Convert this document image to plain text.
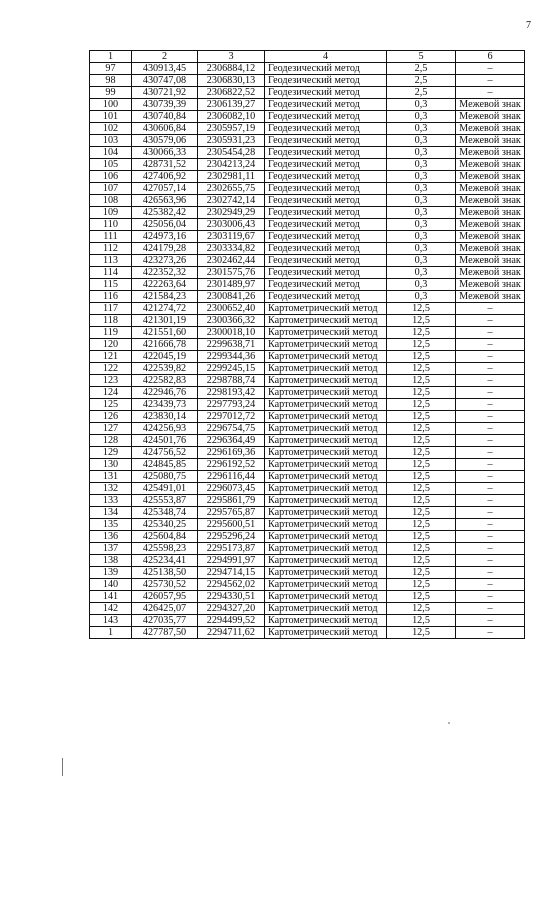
7
1	2	3	4	5	6
97	430913,45	2306884,12	Геодезический метод	2,5	–
98	430747,08	2306830,13	Геодезический метод	2,5	–
99	430721,92	2306822,52	Геодезический метод	2,5	–
100	430739,39	2306139,27	Геодезический метод	0,3	Межевой знак
101	430740,84	2306082,10	Геодезический метод	0,3	Межевой знак
102	430606,84	2305957,19	Геодезический метод	0,3	Межевой знак
103	430579,06	2305931,23	Геодезический метод	0,3	Межевой знак
104	430066,33	2305454,28	Геодезический метод	0,3	Межевой знак
105	428731,52	2304213,24	Геодезический метод	0,3	Межевой знак
106	427406,92	2302981,11	Геодезический метод	0,3	Межевой знак
107	427057,14	2302655,75	Геодезический метод	0,3	Межевой знак
108	426563,96	2302742,14	Геодезический метод	0,3	Межевой знак
109	425382,42	2302949,29	Геодезический метод	0,3	Межевой знак
110	425056,04	2303006,43	Геодезический метод	0,3	Межевой знак
111	424973,16	2303119,67	Геодезический метод	0,3	Межевой знак
112	424179,28	2303334,82	Геодезический метод	0,3	Межевой знак
113	423273,26	2302462,44	Геодезический метод	0,3	Межевой знак
114	422352,32	2301575,76	Геодезический метод	0,3	Межевой знак
115	422263,64	2301489,97	Геодезический метод	0,3	Межевой знак
116	421584,23	2300841,26	Геодезический метод	0,3	Межевой знак
117	421274,72	2300652,40	Картометрический метод	12,5	–
118	421301,19	2300366,32	Картометрический метод	12,5	–
119	421551,60	2300018,10	Картометрический метод	12,5	–
120	421666,78	2299638,71	Картометрический метод	12,5	–
121	422045,19	2299344,36	Картометрический метод	12,5	–
122	422539,82	2299245,15	Картометрический метод	12,5	–
123	422582,83	2298788,74	Картометрический метод	12,5	–
124	422946,76	2298193,42	Картометрический метод	12,5	–
125	423439,73	2297793,24	Картометрический метод	12,5	–
126	423830,14	2297012,72	Картометрический метод	12,5	–
127	424256,93	2296754,75	Картометрический метод	12,5	–
128	424501,76	2296364,49	Картометрический метод	12,5	–
129	424756,52	2296169,36	Картометрический метод	12,5	–
130	424845,85	2296192,52	Картометрический метод	12,5	–
131	425080,75	2296116,44	Картометрический метод	12,5	–
132	425491,01	2296073,45	Картометрический метод	12,5	–
133	425553,87	2295861,79	Картометрический метод	12,5	–
134	425348,74	2295765,87	Картометрический метод	12,5	–
135	425340,25	2295600,51	Картометрический метод	12,5	–
136	425604,84	2295296,24	Картометрический метод	12,5	–
137	425598,23	2295173,87	Картометрический метод	12,5	–
138	425234,41	2294991,97	Картометрический метод	12,5	–
139	425138,50	2294714,15	Картометрический метод	12,5	–
140	425730,52	2294562,02	Картометрический метод	12,5	–
141	426057,95	2294330,51	Картометрический метод	12,5	–
142	426425,07	2294327,20	Картометрический метод	12,5	–
143	427035,77	2294499,52	Картометрический метод	12,5	–
1	427787,50	2294711,62	Картометрический метод	12,5	–
